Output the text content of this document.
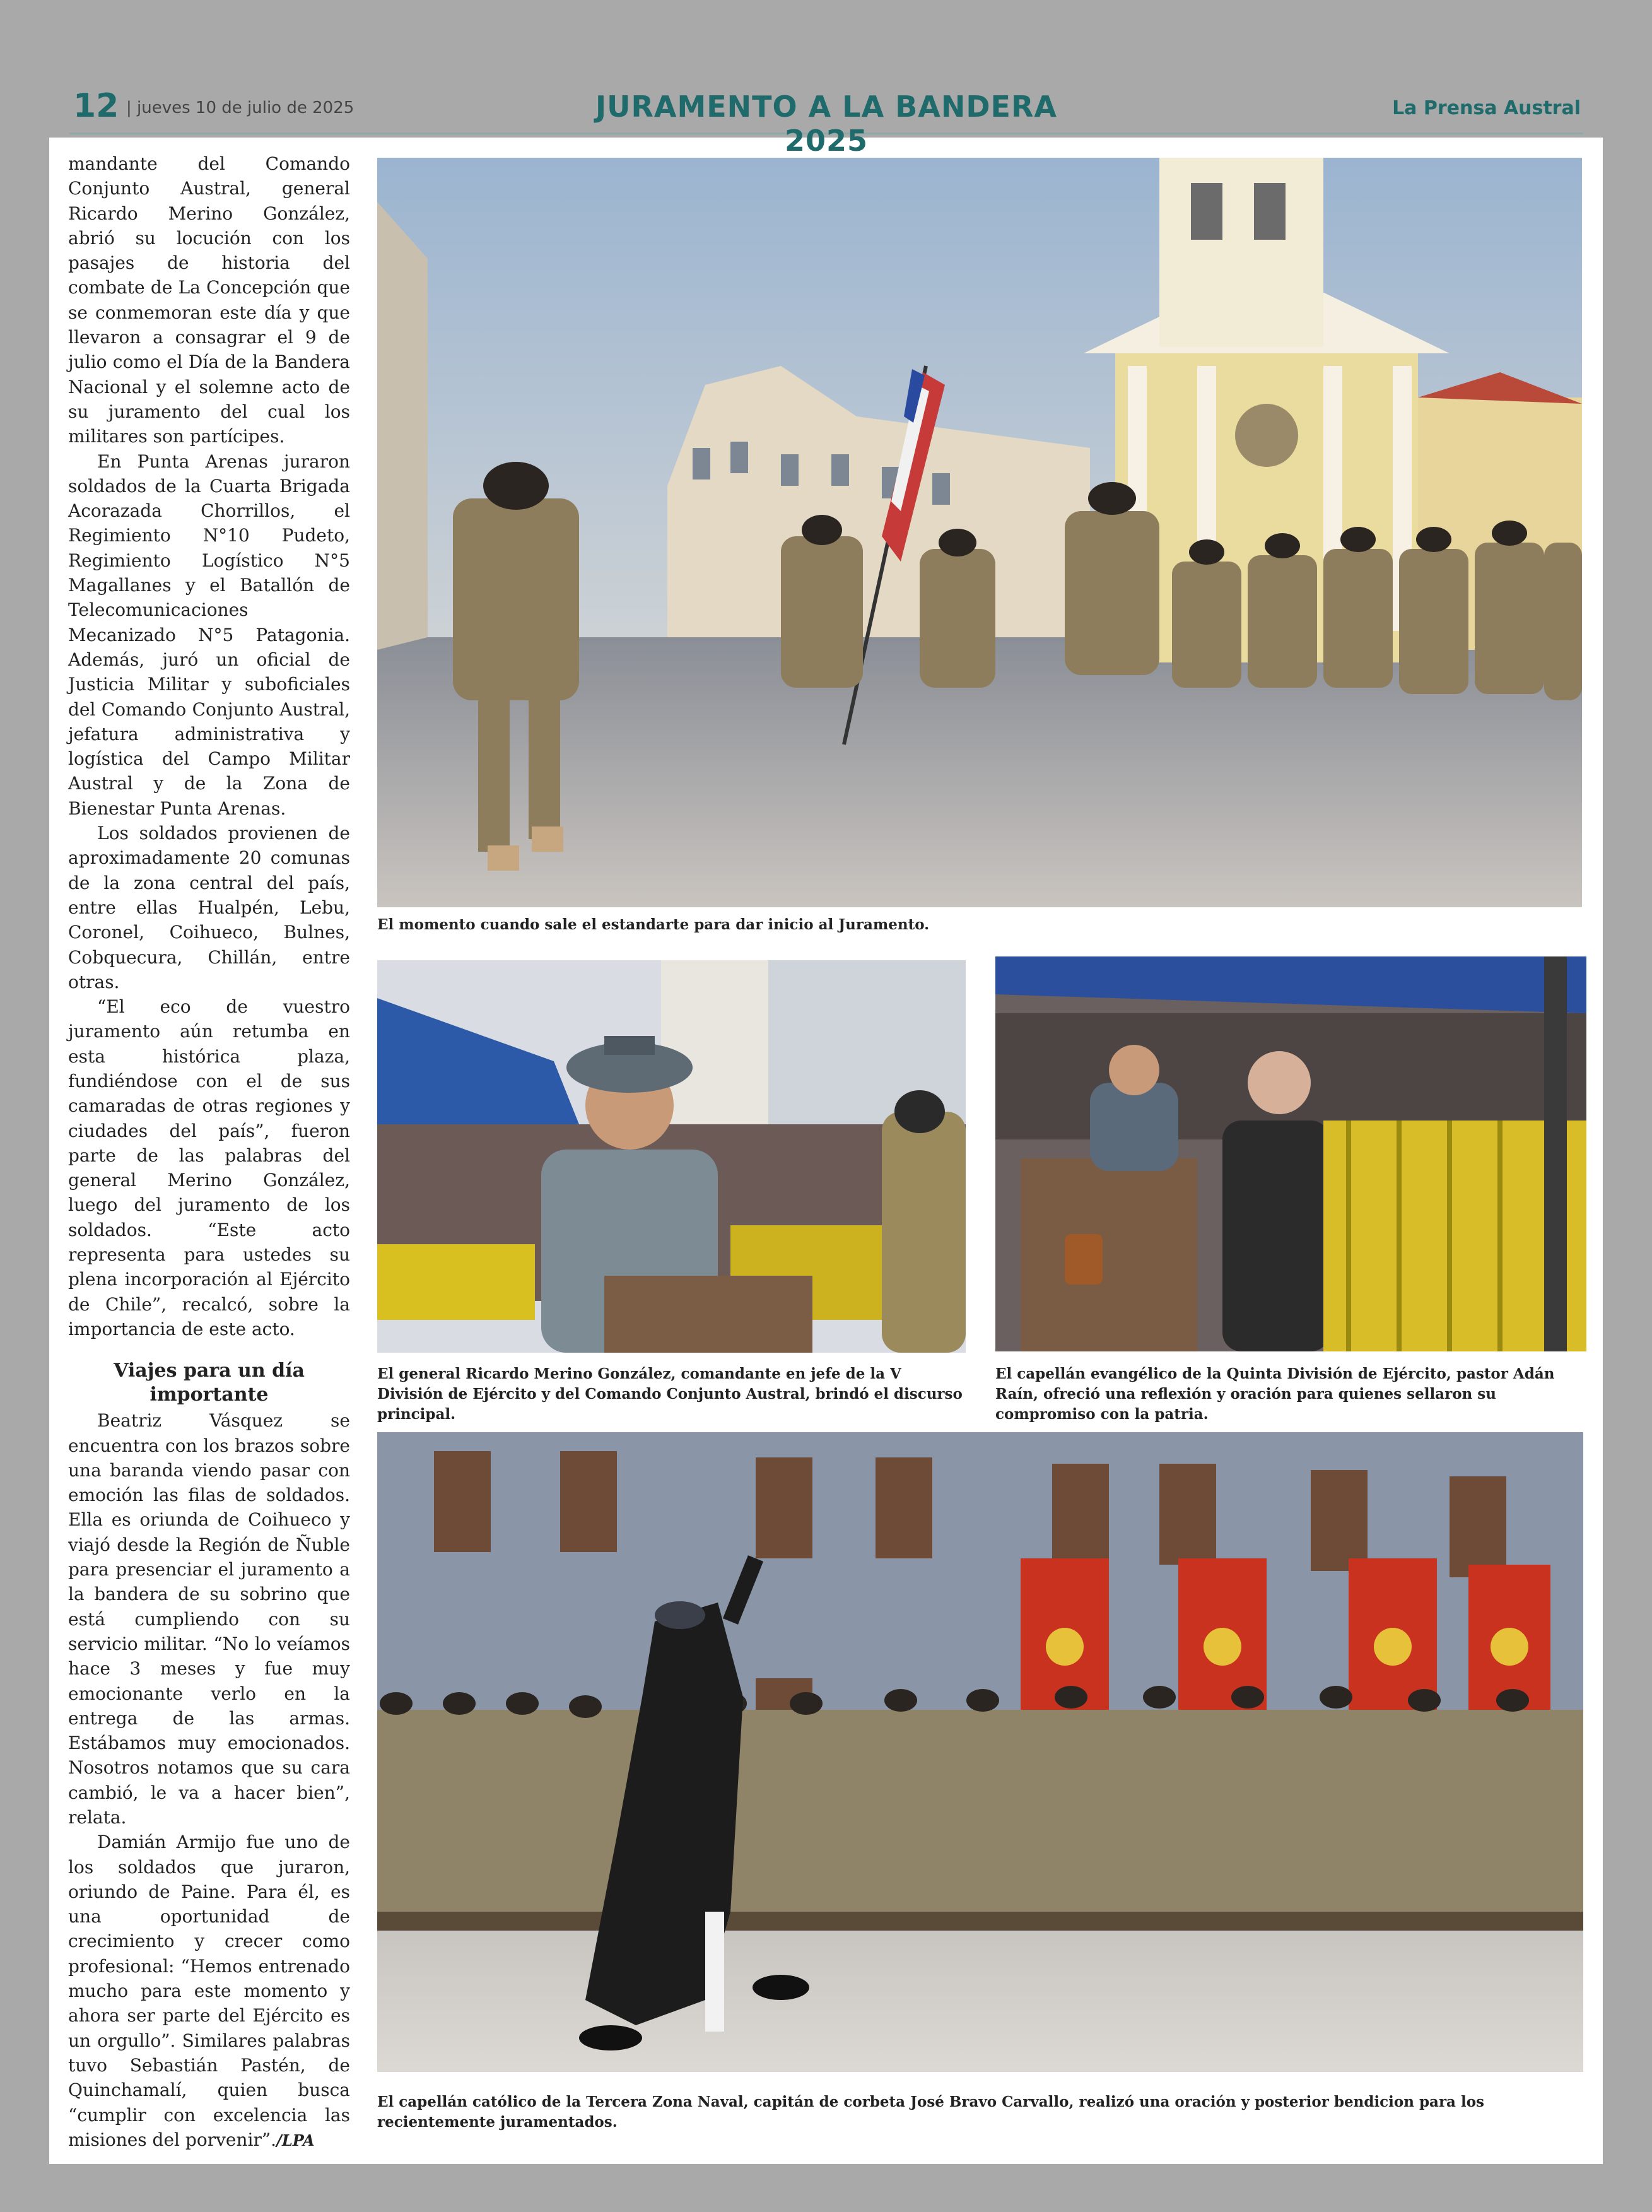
12 | jueves 10 de julio de 2025	JURAMENTO A LA BANDERA 2025
La Prensa Austral

mandante del Comando Conjunto Austral, general Ricardo Merino González, abrió su locución con los pasajes de historia del combate de La Concepción que se conmemoran este día y que llevaron a consagrar el 9 de julio como el Día de la Bandera Nacional y el solemne acto de su juramento del cual los militares son partícipes.

En Punta Arenas juraron soldados de la Cuarta Brigada Acorazada Chorrillos, el Regimiento N°10 Pudeto, Regimiento Logístico N°5 Magallanes y el Batallón de Telecomunicaciones Mecanizado N°5 Patagonia. Además, juró un oficial de Justicia Militar y suboficiales del Comando Conjunto Austral, jefatura administrativa y logística del Campo Militar Austral y de la Zona de Bienestar Punta Arenas.

Los soldados provienen de aproximadamente 20 comunas de la zona central del país, entre ellas Hualpén, Lebu, Coronel, Coihueco, Bulnes, Cobquecura, Chillán, entre otras.

“El eco de vuestro juramento aún retumba en esta histórica plaza, fundiéndose con el de sus camaradas de otras regiones y ciudades del país”, fueron parte de las palabras del general Merino González, luego del juramento de los soldados. “Este acto representa para ustedes su plena incorporación al Ejército de Chile”, recalcó, sobre la importancia de este acto.

Viajes para un día importante

Beatriz Vásquez se encuentra con los brazos sobre una baranda viendo pasar con emoción las filas de soldados. Ella es oriunda de Coihueco y viajó desde la Región de Ñuble para presenciar el juramento a la bandera de su sobrino que está cumpliendo con su servicio militar. “No lo veíamos hace 3 meses y fue muy emocionante verlo en la entrega de las armas. Estábamos muy emocionados. Nosotros notamos que su cara cambió, le va a hacer bien”, relata.

Damián Armijo fue uno de los soldados que juraron, oriundo de Paine. Para él, es una oportunidad de crecimiento y crecer como profesional: “Hemos entrenado mucho para este momento y ahora ser parte del Ejército es un orgullo”. Similares palabras tuvo Sebastián Pastén, de Quinchamalí, quien busca “cumplir con excelencia las misiones del porvenir”./LPA

El momento cuando sale el estandarte para dar inicio al Juramento.
El general Ricardo Merino González, comandante en jefe de la V División de Ejército y del Comando Conjunto Austral, brindó el discurso principal.
El capellán evangélico de la Quinta División de Ejército, pastor Adán Raín, ofreció una reflexión y oración para quienes sellaron su compromiso con la patria.
El capellán católico de la Tercera Zona Naval, capitán de corbeta José Bravo Carvallo, realizó una oración y posterior bendicion para los recientemente juramentados.
